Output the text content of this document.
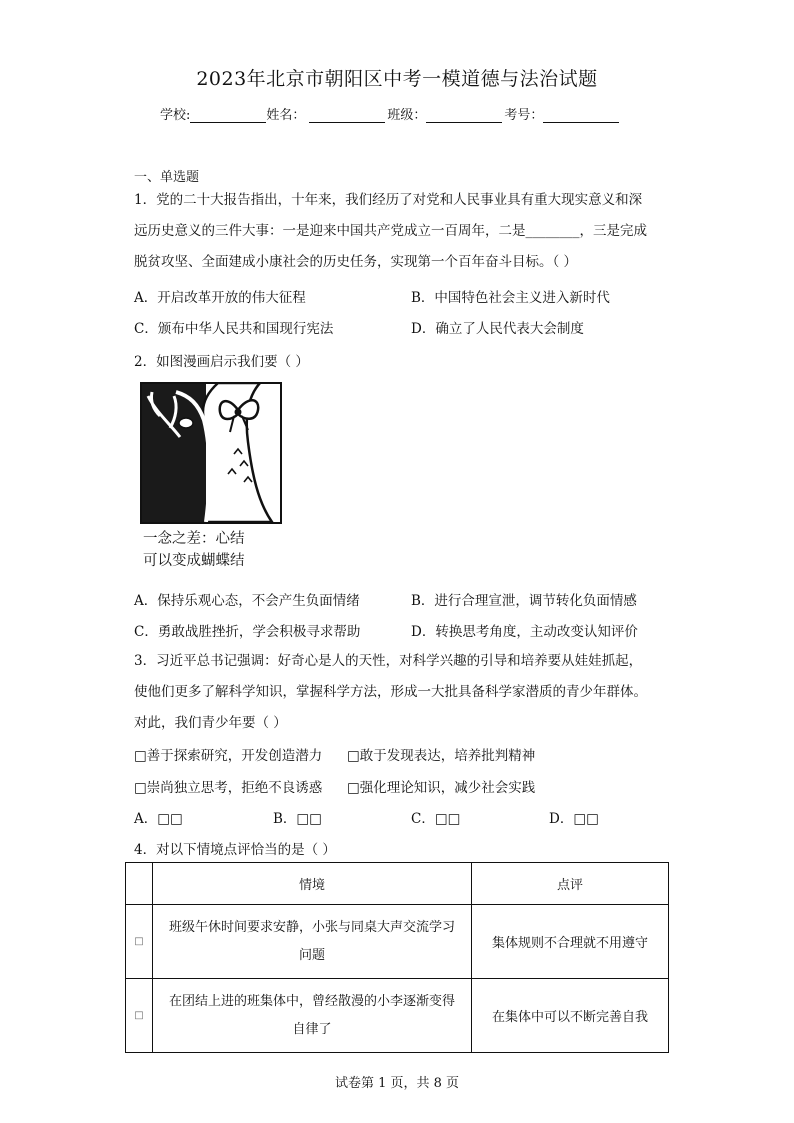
2023年北京市朝阳区中考一模道德与法治试题
学校:	姓名：	班级：	考号：
一、单选题
1．党的二十大报告指出，十年来，我们经历了对党和人民事业具有重大现实意义和深
远历史意义的三件大事：一是迎来中国共产党成立一百周年，二是________，三是完成
脱贫攻坚、全面建成小康社会的历史任务，实现第一个百年奋斗目标。（ ）
A．开启改革开放的伟大征程	B．中国特色社会主义进入新时代
C．颁布中华人民共和国现行宪法	D．确立了人民代表大会制度
2．如图漫画启示我们要（ ）
一念之差：心结
可以变成蝴蝶结
A．保持乐观心态，不会产生负面情绪	B．进行合理宣泄，调节转化负面情感
C．勇敢战胜挫折，学会积极寻求帮助	D．转换思考角度，主动改变认知评价
3．习近平总书记强调：好奇心是人的天性，对科学兴趣的引导和培养要从娃娃抓起，
使他们更多了解科学知识，掌握科学方法，形成一大批具备科学家潜质的青少年群体。
对此，我们青少年要（ ）
□善于探索研究，开发创造潜力 □敢于发现表达，培养批判精神
□崇尚独立思考，拒绝不良诱惑 □强化理论知识，减少社会实践
A．□□	B．□□	C．□□	D．□□
4．对以下情境点评恰当的是（ ）
	情境	点评
□	班级午休时间要求安静，小张与同桌大声交流学习
问题	集体规则不合理就不用遵守
□	在团结上进的班集体中，曾经散漫的小李逐渐变得
自律了	在集体中可以不断完善自我
试卷第 1 页，共 8 页
